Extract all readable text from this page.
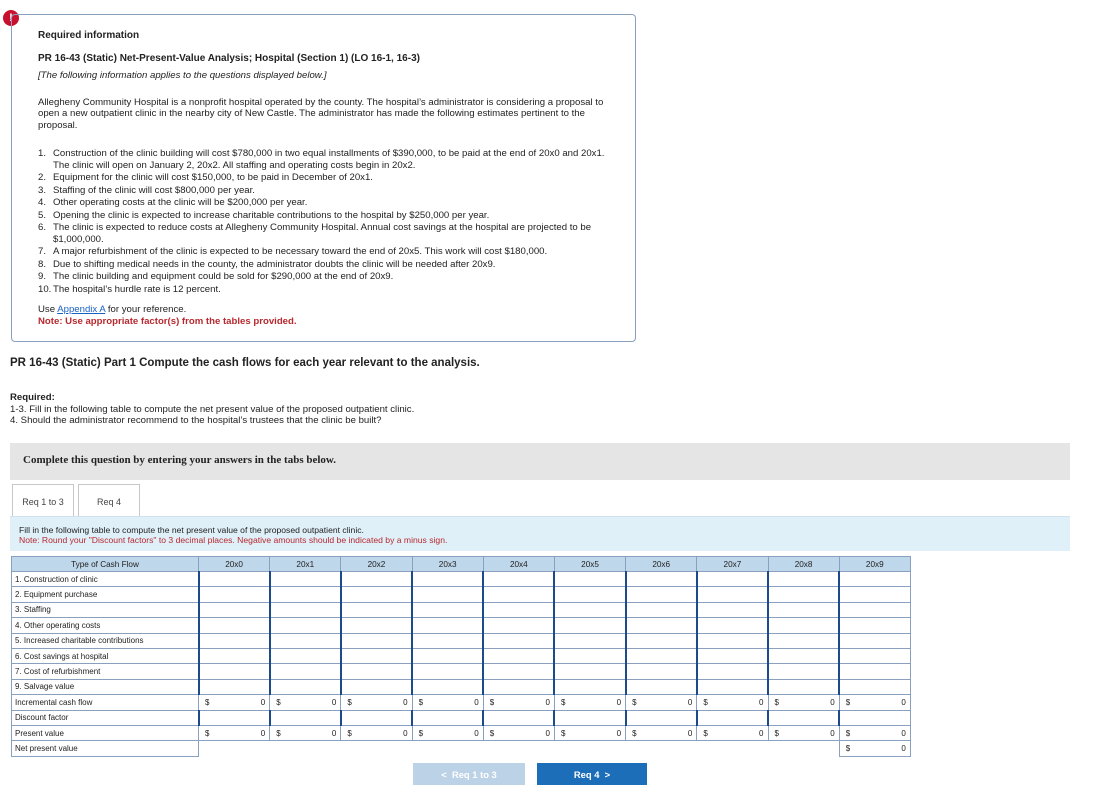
!
Required information
PR 16-43 (Static) Net-Present-Value Analysis; Hospital (Section 1) (LO 16-1, 16-3)
[The following information applies to the questions displayed below.]
Allegheny Community Hospital is a nonprofit hospital operated by the county. The hospital’s administrator is considering a proposal to open a new outpatient clinic in the nearby city of New Castle. The administrator has made the following estimates pertinent to the proposal.
1. Construction of the clinic building will cost $780,000 in two equal installments of $390,000, to be paid at the end of 20x0 and 20x1. The clinic will open on January 2, 20x2. All staffing and operating costs begin in 20x2.
2. Equipment for the clinic will cost $150,000, to be paid in December of 20x1.
3. Staffing of the clinic will cost $800,000 per year.
4. Other operating costs at the clinic will be $200,000 per year.
5. Opening the clinic is expected to increase charitable contributions to the hospital by $250,000 per year.
6. The clinic is expected to reduce costs at Allegheny Community Hospital. Annual cost savings at the hospital are projected to be $1,000,000.
7. A major refurbishment of the clinic is expected to be necessary toward the end of 20x5. This work will cost $180,000.
8. Due to shifting medical needs in the county, the administrator doubts the clinic will be needed after 20x9.
9. The clinic building and equipment could be sold for $290,000 at the end of 20x9.
10. The hospital’s hurdle rate is 12 percent.
Use Appendix A for your reference.
Note: Use appropriate factor(s) from the tables provided.
PR 16-43 (Static) Part 1 Compute the cash flows for each year relevant to the analysis.
Required:
1-3. Fill in the following table to compute the net present value of the proposed outpatient clinic.
4. Should the administrator recommend to the hospital’s trustees that the clinic be built?
Complete this question by entering your answers in the tabs below.
Req 1 to 3	Req 4
Fill in the following table to compute the net present value of the proposed outpatient clinic.
Note: Round your "Discount factors" to 3 decimal places. Negative amounts should be indicated by a minus sign.
Type of Cash Flow	20x0	20x1	20x2	20x3	20x4	20x5	20x6	20x7	20x8	20x9
1. Construction of clinic										
2. Equipment purchase										
3. Staffing										
4. Other operating costs										
5. Increased charitable contributions										
6. Cost savings at hospital										
7. Cost of refurbishment										
9. Salvage value										
Incremental cash flow	$ 0	$ 0	$ 0	$ 0	$ 0	$ 0	$ 0	$ 0	$ 0	$ 0

Discount factor										
Present value	$ 0	$ 0	$ 0	$ 0	$ 0	$ 0	$ 0	$ 0	$ 0	$ 0

Net present value										$ 0
<  Req 1 to 3	Req 4  >
